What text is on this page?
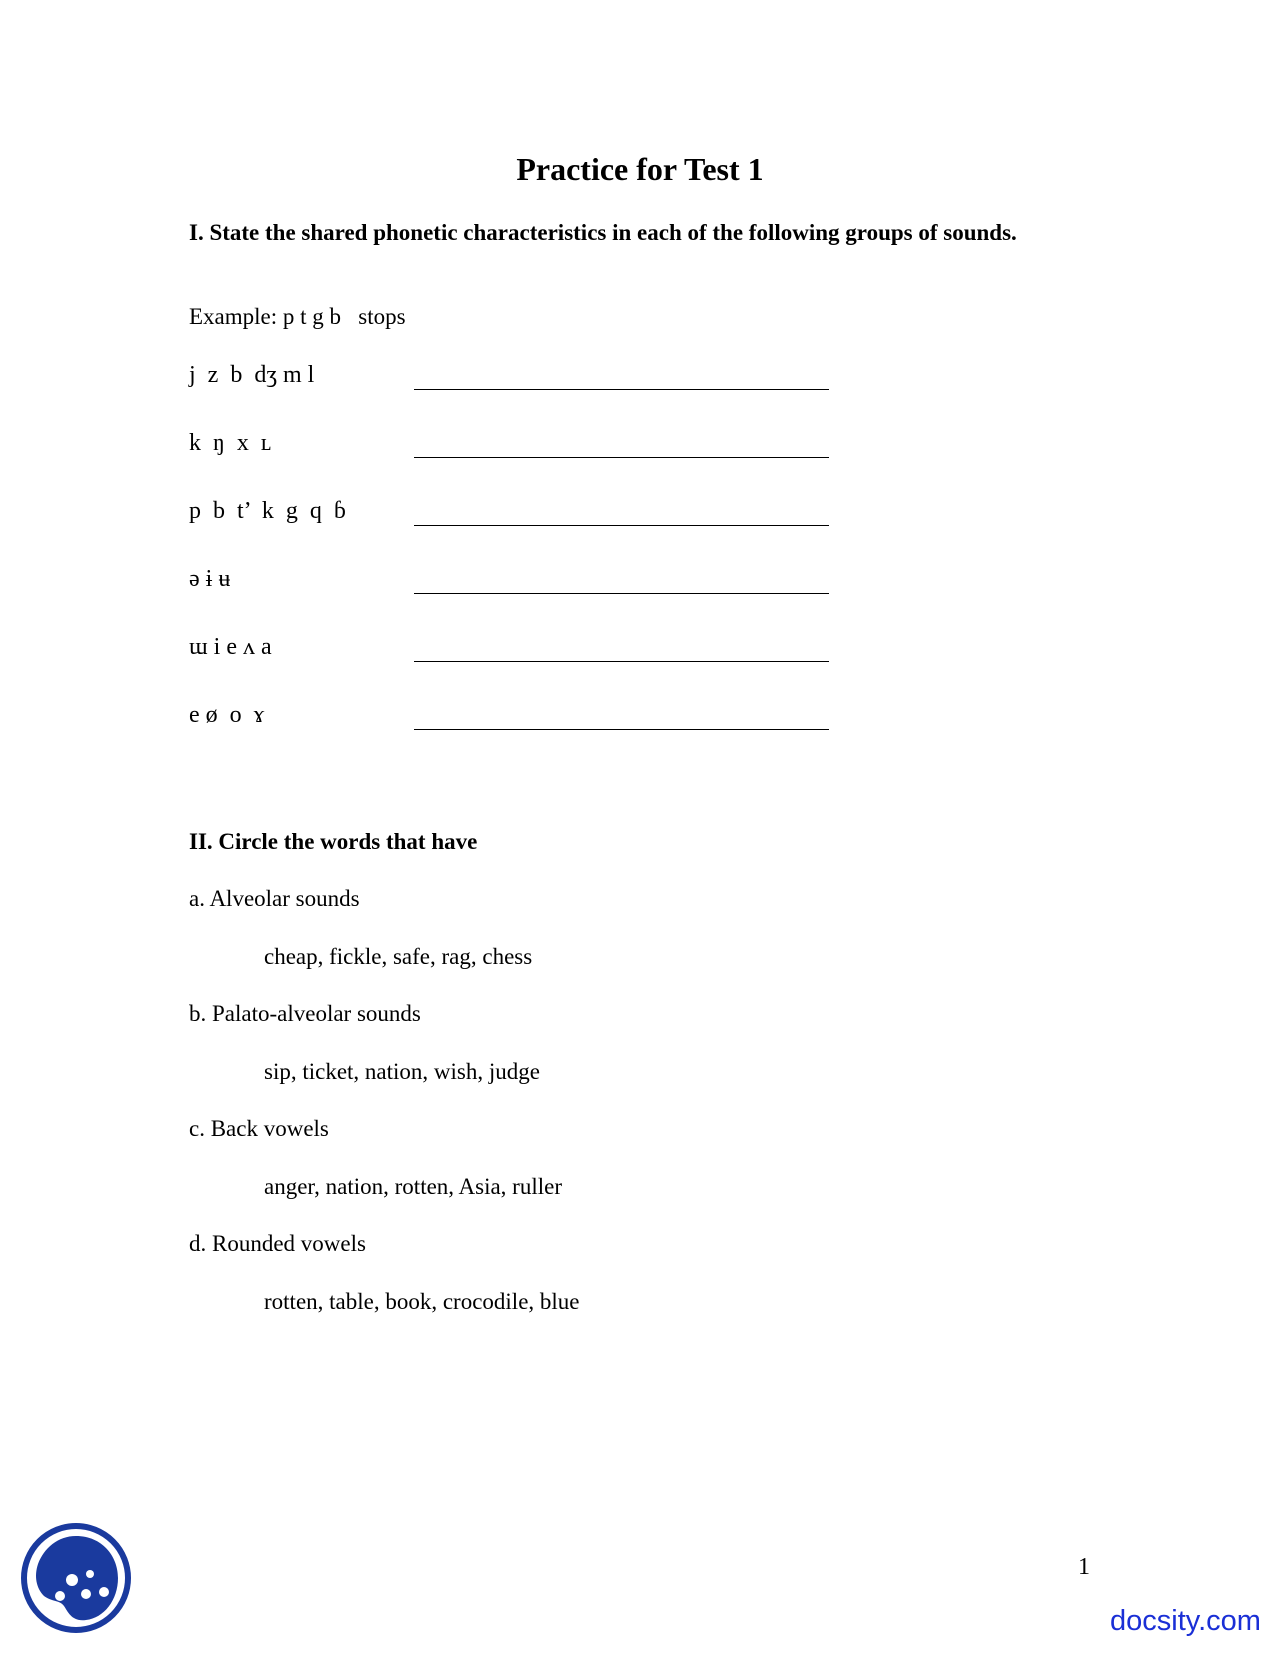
Practice for Test 1
I. State the shared phonetic characteristics in each of the following groups of sounds.

Example: p t g b   stops

j  z  b  dʒ m l
k  ŋ  x  ʟ
p  b  t’  k  g  q  ɓ
ə ɨ ʉ
ɯ i e ʌ a
e ø  o  ɤ
II. Circle the words that have

a. Alveolar sounds

cheap, fickle, safe, rag, chess

b. Palato-alveolar sounds

sip, ticket, nation, wish, judge

c. Back vowels

anger, nation, rotten, Asia, ruller

d. Rounded vowels

rotten, table, book, crocodile, blue

1
docsity.com
